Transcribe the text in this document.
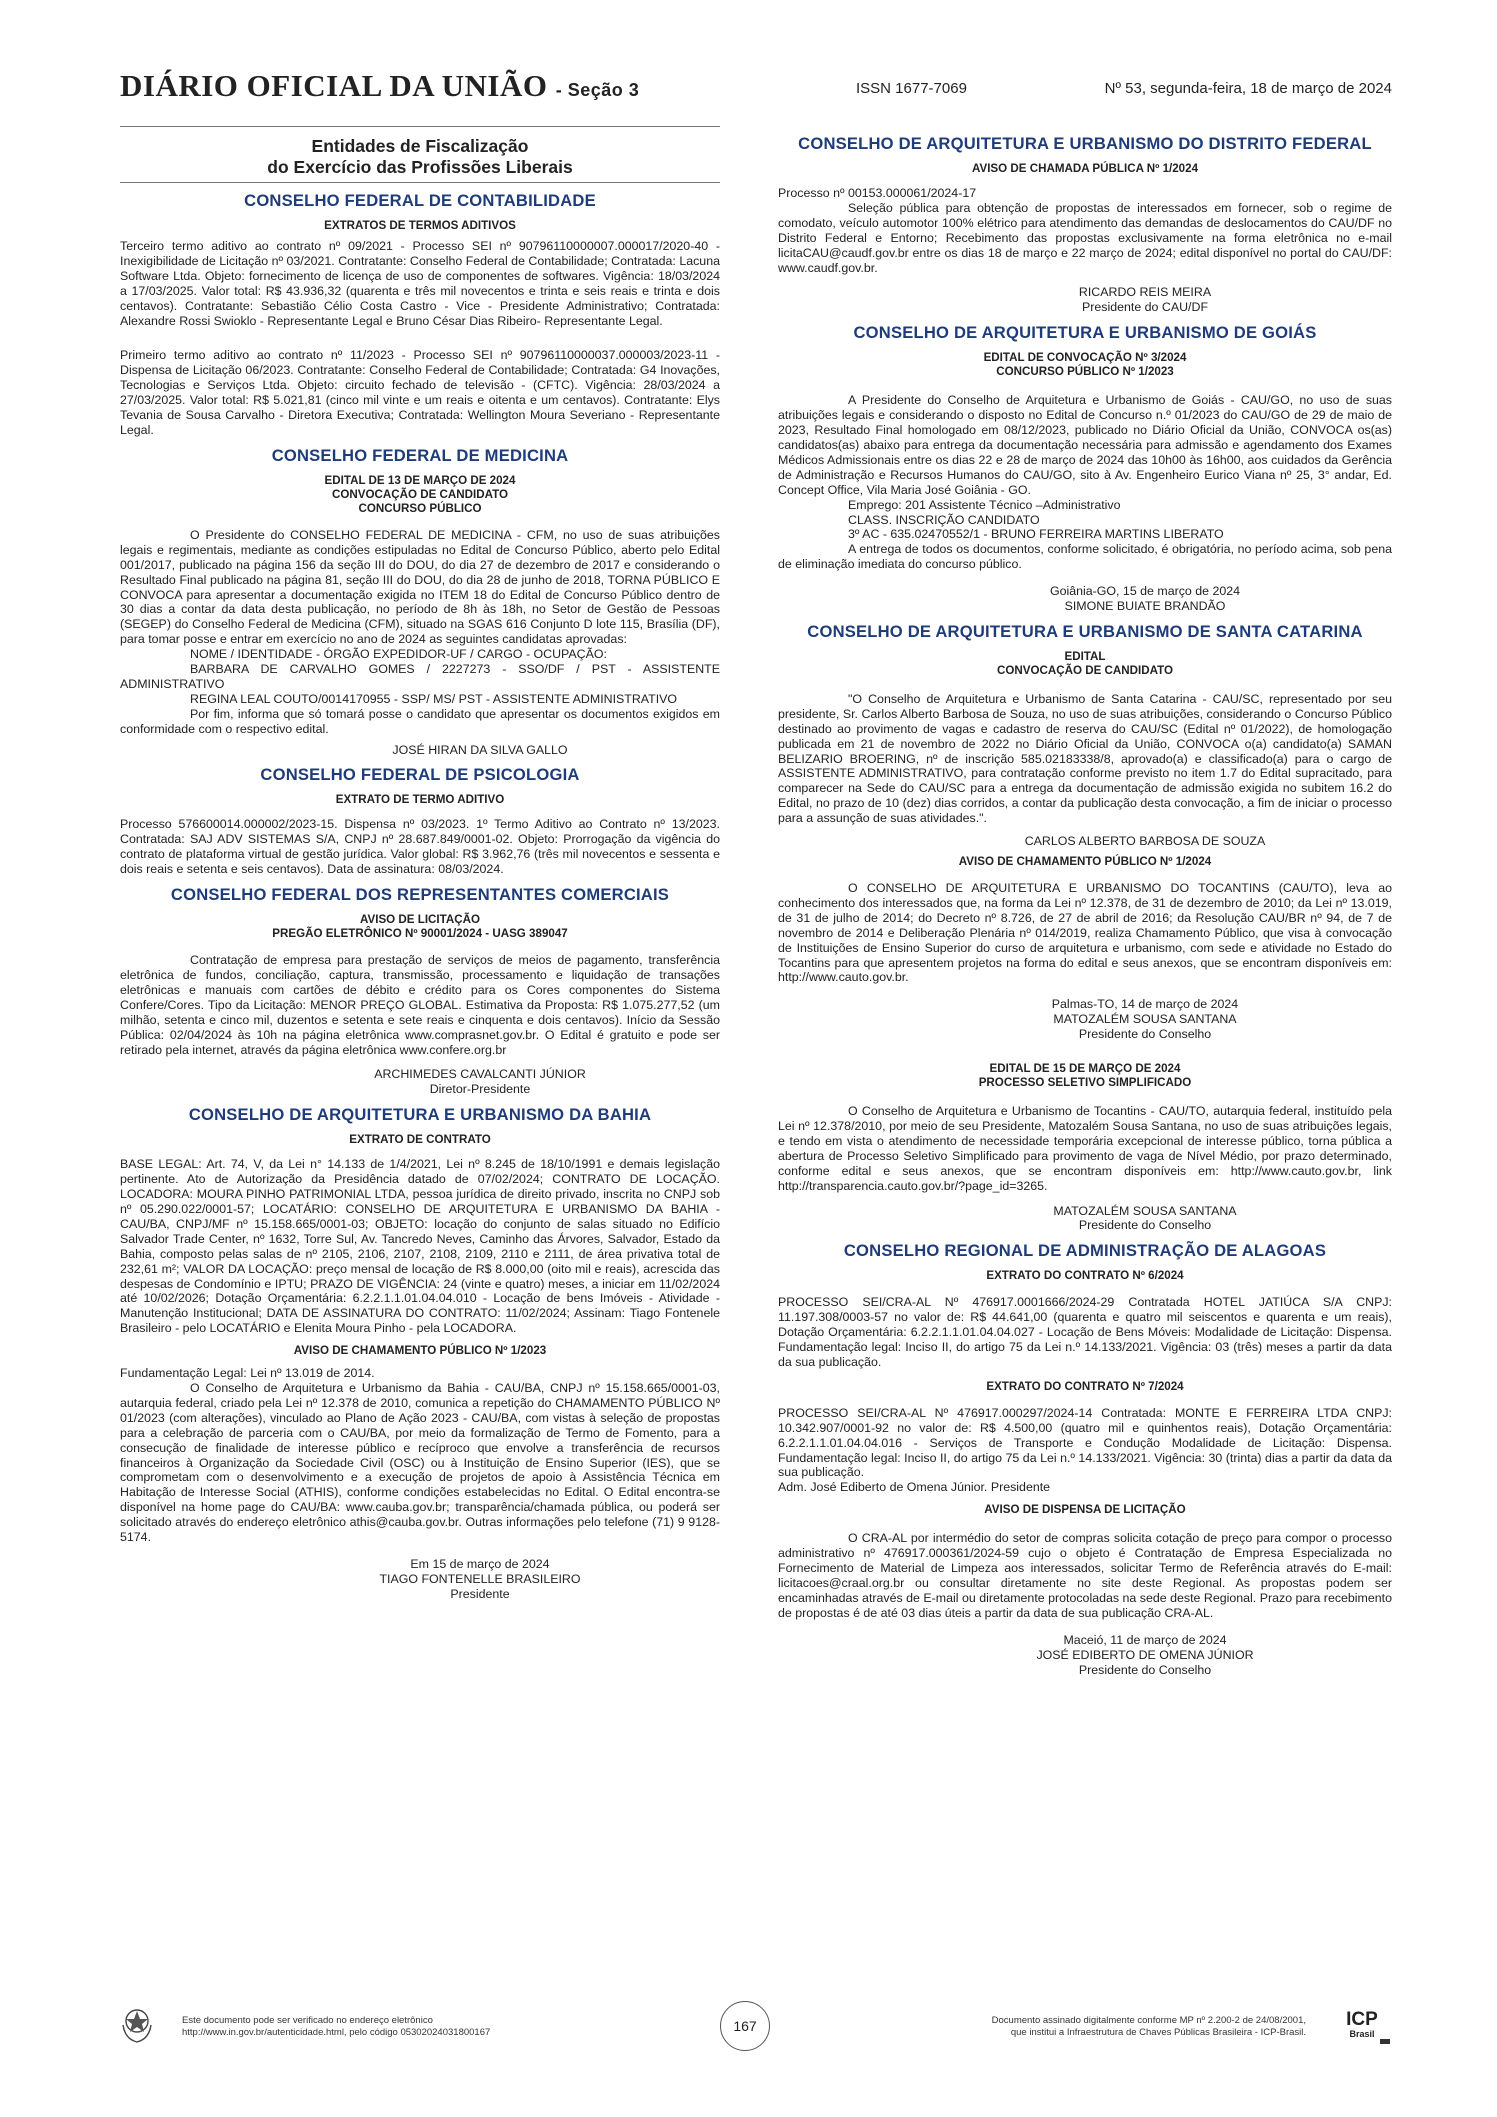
DIÁRIO OFICIAL DA UNIÃO - Seção 3	ISSN 1677-7069	Nº 53, segunda-feira, 18 de março de 2024
Entidades de Fiscalização
do Exercício das Profissões Liberais
CONSELHO FEDERAL DE CONTABILIDADE
EXTRATOS DE TERMOS ADITIVOS

Terceiro termo aditivo ao contrato nº 09/2021 - Processo SEI nº 90796110000007.000017/2020-40 - Inexigibilidade de Licitação nº 03/2021. Contratante: Conselho Federal de Contabilidade; Contratada: Lacuna Software Ltda. Objeto: fornecimento de licença de uso de componentes de softwares. Vigência: 18/03/2024 a 17/03/2025. Valor total: R$ 43.936,32 (quarenta e três mil novecentos e trinta e seis reais e trinta e dois centavos). Contratante: Sebastião Célio Costa Castro - Vice - Presidente Administrativo; Contratada: Alexandre Rossi Swioklo - Representante Legal e Bruno César Dias Ribeiro- Representante Legal.

Primeiro termo aditivo ao contrato nº 11/2023 - Processo SEI nº 90796110000037.000003/2023-11 - Dispensa de Licitação 06/2023. Contratante: Conselho Federal de Contabilidade; Contratada: G4 Inovações, Tecnologias e Serviços Ltda. Objeto: circuito fechado de televisão - (CFTC). Vigência: 28/03/2024 a 27/03/2025. Valor total: R$ 5.021,81 (cinco mil vinte e um reais e oitenta e um centavos). Contratante: Elys Tevania de Sousa Carvalho - Diretora Executiva; Contratada: Wellington Moura Severiano - Representante Legal.

CONSELHO FEDERAL DE MEDICINA
EDITAL DE 13 DE MARÇO DE 2024
CONVOCAÇÃO DE CANDIDATO
CONCURSO PÚBLICO

O Presidente do CONSELHO FEDERAL DE MEDICINA - CFM, no uso de suas atribuições legais e regimentais, mediante as condições estipuladas no Edital de Concurso Público, aberto pelo Edital 001/2017, publicado na página 156 da seção III do DOU, do dia 27 de dezembro de 2017 e considerando o Resultado Final publicado na página 81, seção III do DOU, do dia 28 de junho de 2018, TORNA PÚBLICO E CONVOCA para apresentar a documentação exigida no ITEM 18 do Edital de Concurso Público dentro de 30 dias a contar da data desta publicação, no período de 8h às 18h, no Setor de Gestão de Pessoas (SEGEP) do Conselho Federal de Medicina (CFM), situado na SGAS 616 Conjunto D lote 115, Brasília (DF), para tomar posse e entrar em exercício no ano de 2024 as seguintes candidatas aprovadas:

NOME / IDENTIDADE - ÓRGÃO EXPEDIDOR-UF / CARGO - OCUPAÇÃO:

BARBARA DE CARVALHO GOMES / 2227273 - SSO/DF / PST - ASSISTENTE ADMINISTRATIVO

REGINA LEAL COUTO/0014170955 - SSP/ MS/ PST - ASSISTENTE ADMINISTRATIVO

Por fim, informa que só tomará posse o candidato que apresentar os documentos exigidos em conformidade com o respectivo edital.

JOSÉ HIRAN DA SILVA GALLO
CONSELHO FEDERAL DE PSICOLOGIA
EXTRATO DE TERMO ADITIVO

Processo 576600014.000002/2023-15. Dispensa nº 03/2023. 1º Termo Aditivo ao Contrato nº 13/2023. Contratada: SAJ ADV SISTEMAS S/A, CNPJ nº 28.687.849/0001-02. Objeto: Prorrogação da vigência do contrato de plataforma virtual de gestão jurídica. Valor global: R$ 3.962,76 (três mil novecentos e sessenta e dois reais e setenta e seis centavos). Data de assinatura: 08/03/2024.

CONSELHO FEDERAL DOS REPRESENTANTES COMERCIAIS
AVISO DE LICITAÇÃO
PREGÃO ELETRÔNICO Nº 90001/2024 - UASG 389047

Contratação de empresa para prestação de serviços de meios de pagamento, transferência eletrônica de fundos, conciliação, captura, transmissão, processamento e liquidação de transações eletrônicas e manuais com cartões de débito e crédito para os Cores componentes do Sistema Confere/Cores. Tipo da Licitação: MENOR PREÇO GLOBAL. Estimativa da Proposta: R$ 1.075.277,52 (um milhão, setenta e cinco mil, duzentos e setenta e sete reais e cinquenta e dois centavos). Início da Sessão Pública: 02/04/2024 às 10h na página eletrônica www.comprasnet.gov.br. O Edital é gratuito e pode ser retirado pela internet, através da página eletrônica www.confere.org.br

ARCHIMEDES CAVALCANTI JÚNIOR
Diretor-Presidente
CONSELHO DE ARQUITETURA E URBANISMO DA BAHIA
EXTRATO DE CONTRATO

BASE LEGAL: Art. 74, V, da Lei n° 14.133 de 1/4/2021, Lei nº 8.245 de 18/10/1991 e demais legislação pertinente. Ato de Autorização da Presidência datado de 07/02/2024; CONTRATO DE LOCAÇÃO. LOCADORA: MOURA PINHO PATRIMONIAL LTDA, pessoa jurídica de direito privado, inscrita no CNPJ sob nº 05.290.022/0001-57; LOCATÁRIO: CONSELHO DE ARQUITETURA E URBANISMO DA BAHIA - CAU/BA, CNPJ/MF nº 15.158.665/0001-03; OBJETO: locação do conjunto de salas situado no Edifício Salvador Trade Center, nº 1632, Torre Sul, Av. Tancredo Neves, Caminho das Árvores, Salvador, Estado da Bahia, composto pelas salas de nº 2105, 2106, 2107, 2108, 2109, 2110 e 2111, de área privativa total de 232,61 m²; VALOR DA LOCAÇÃO: preço mensal de locação de R$ 8.000,00 (oito mil e reais), acrescida das despesas de Condomínio e IPTU; PRAZO DE VIGÊNCIA: 24 (vinte e quatro) meses, a iniciar em 11/02/2024 até 10/02/2026; Dotação Orçamentária: 6.2.2.1.1.01.04.04.010 - Locação de bens Imóveis - Atividade - Manutenção Institucional; DATA DE ASSINATURA DO CONTRATO: 11/02/2024; Assinam: Tiago Fontenele Brasileiro - pelo LOCATÁRIO e Elenita Moura Pinho - pela LOCADORA.

AVISO DE CHAMAMENTO PÚBLICO Nº 1/2023

Fundamentação Legal: Lei nº 13.019 de 2014.

O Conselho de Arquitetura e Urbanismo da Bahia - CAU/BA, CNPJ nº 15.158.665/0001-03, autarquia federal, criado pela Lei nº 12.378 de 2010, comunica a repetição do CHAMAMENTO PÚBLICO Nº 01/2023 (com alterações), vinculado ao Plano de Ação 2023 - CAU/BA, com vistas à seleção de propostas para a celebração de parceria com o CAU/BA, por meio da formalização de Termo de Fomento, para a consecução de finalidade de interesse público e recíproco que envolve a transferência de recursos financeiros à Organização da Sociedade Civil (OSC) ou à Instituição de Ensino Superior (IES), que se comprometam com o desenvolvimento e a execução de projetos de apoio à Assistência Técnica em Habitação de Interesse Social (ATHIS), conforme condições estabelecidas no Edital. O Edital encontra-se disponível na home page do CAU/BA: www.cauba.gov.br; transparência/chamada pública, ou poderá ser solicitado através do endereço eletrônico athis@cauba.gov.br. Outras informações pelo telefone (71) 9 9128-5174.

Em 15 de março de 2024
TIAGO FONTENELLE BRASILEIRO
Presidente
CONSELHO DE ARQUITETURA E URBANISMO DO DISTRITO FEDERAL
AVISO DE CHAMADA PÚBLICA Nº 1/2024

Processo nº 00153.000061/2024-17

Seleção pública para obtenção de propostas de interessados em fornecer, sob o regime de comodato, veículo automotor 100% elétrico para atendimento das demandas de deslocamentos do CAU/DF no Distrito Federal e Entorno; Recebimento das propostas exclusivamente na forma eletrônica no e-mail licitaCAU@caudf.gov.br entre os dias 18 de março e 22 março de 2024; edital disponível no portal do CAU/DF: www.caudf.gov.br.

RICARDO REIS MEIRA
Presidente do CAU/DF
CONSELHO DE ARQUITETURA E URBANISMO DE GOIÁS
EDITAL DE CONVOCAÇÃO Nº 3/2024
CONCURSO PÚBLICO Nº 1/2023

A Presidente do Conselho de Arquitetura e Urbanismo de Goiás - CAU/GO, no uso de suas atribuições legais e considerando o disposto no Edital de Concurso n.º 01/2023 do CAU/GO de 29 de maio de 2023, Resultado Final homologado em 08/12/2023, publicado no Diário Oficial da União, CONVOCA os(as) candidatos(as) abaixo para entrega da documentação necessária para admissão e agendamento dos Exames Médicos Admissionais entre os dias 22 e 28 de março de 2024 das 10h00 às 16h00, aos cuidados da Gerência de Administração e Recursos Humanos do CAU/GO, sito à Av. Engenheiro Eurico Viana nº 25, 3° andar, Ed. Concept Office, Vila Maria José Goiânia - GO.

Emprego: 201 Assistente Técnico –Administrativo

CLASS. INSCRIÇÃO CANDIDATO

3º AC - 635.02470552/1 - BRUNO FERREIRA MARTINS LIBERATO

A entrega de todos os documentos, conforme solicitado, é obrigatória, no período acima, sob pena de eliminação imediata do concurso público.

Goiânia-GO, 15 de março de 2024
SIMONE BUIATE BRANDÃO
CONSELHO DE ARQUITETURA E URBANISMO DE SANTA CATARINA
EDITAL
CONVOCAÇÃO DE CANDIDATO

"O Conselho de Arquitetura e Urbanismo de Santa Catarina - CAU/SC, representado por seu presidente, Sr. Carlos Alberto Barbosa de Souza, no uso de suas atribuições, considerando o Concurso Público destinado ao provimento de vagas e cadastro de reserva do CAU/SC (Edital nº 01/2022), de homologação publicada em 21 de novembro de 2022 no Diário Oficial da União, CONVOCA o(a) candidato(a) SAMAN BELIZARIO BROERING, nº de inscrição 585.02183338/8, aprovado(a) e classificado(a) para o cargo de ASSISTENTE ADMINISTRATIVO, para contratação conforme previsto no item 1.7 do Edital supracitado, para comparecer na Sede do CAU/SC para a entrega da documentação de admissão exigida no subitem 16.2 do Edital, no prazo de 10 (dez) dias corridos, a contar da publicação desta convocação, a fim de iniciar o processo para a assunção de suas atividades.".

CARLOS ALBERTO BARBOSA DE SOUZA
AVISO DE CHAMAMENTO PÚBLICO Nº 1/2024

O CONSELHO DE ARQUITETURA E URBANISMO DO TOCANTINS (CAU/TO), leva ao conhecimento dos interessados que, na forma da Lei nº 12.378, de 31 de dezembro de 2010; da Lei nº 13.019, de 31 de julho de 2014; do Decreto nº 8.726, de 27 de abril de 2016; da Resolução CAU/BR nº 94, de 7 de novembro de 2014 e Deliberação Plenária nº 014/2019, realiza Chamamento Público, que visa à convocação de Instituições de Ensino Superior do curso de arquitetura e urbanismo, com sede e atividade no Estado do Tocantins para que apresentem projetos na forma do edital e seus anexos, que se encontram disponíveis em: http://www.cauto.gov.br.

Palmas-TO, 14 de março de 2024
MATOZALÉM SOUSA SANTANA
Presidente do Conselho
EDITAL DE 15 DE MARÇO DE 2024
PROCESSO SELETIVO SIMPLIFICADO

O Conselho de Arquitetura e Urbanismo de Tocantins - CAU/TO, autarquia federal, instituído pela Lei nº 12.378/2010, por meio de seu Presidente, Matozalém Sousa Santana, no uso de suas atribuições legais, e tendo em vista o atendimento de necessidade temporária excepcional de interesse público, torna pública a abertura de Processo Seletivo Simplificado para provimento de vaga de Nível Médio, por prazo determinado, conforme edital e seus anexos, que se encontram disponíveis em: http://www.cauto.gov.br, link http://transparencia.cauto.gov.br/?page_id=3265.

MATOZALÉM SOUSA SANTANA
Presidente do Conselho
CONSELHO REGIONAL DE ADMINISTRAÇÃO DE ALAGOAS
EXTRATO DO CONTRATO Nº 6/2024

PROCESSO SEI/CRA-AL Nº 476917.0001666/2024-29 Contratada HOTEL JATIÚCA S/A CNPJ: 11.197.308/0003-57 no valor de: R$ 44.641,00 (quarenta e quatro mil seiscentos e quarenta e um reais), Dotação Orçamentária: 6.2.2.1.1.01.04.04.027 - Locação de Bens Móveis: Modalidade de Licitação: Dispensa. Fundamentação legal: Inciso II, do artigo 75 da Lei n.º 14.133/2021. Vigência: 03 (três) meses a partir da data da sua publicação.

EXTRATO DO CONTRATO Nº 7/2024

PROCESSO SEI/CRA-AL Nº 476917.000297/2024-14 Contratada: MONTE E FERREIRA LTDA CNPJ: 10.342.907/0001-92 no valor de: R$ 4.500,00 (quatro mil e quinhentos reais), Dotação Orçamentária: 6.2.2.1.1.01.04.04.016 - Serviços de Transporte e Condução Modalidade de Licitação: Dispensa. Fundamentação legal: Inciso II, do artigo 75 da Lei n.º 14.133/2021. Vigência: 30 (trinta) dias a partir da data da sua publicação.

Adm. José Ediberto de Omena Júnior. Presidente

AVISO DE DISPENSA DE LICITAÇÃO

O CRA-AL por intermédio do setor de compras solicita cotação de preço para compor o processo administrativo nº 476917.000361/2024-59 cujo o objeto é Contratação de Empresa Especializada no Fornecimento de Material de Limpeza aos interessados, solicitar Termo de Referência através do E-mail: licitacoes@craal.org.br ou consultar diretamente no site deste Regional. As propostas podem ser encaminhadas através de E-mail ou diretamente protocoladas na sede deste Regional. Prazo para recebimento de propostas é de até 03 dias úteis a partir da data de sua publicação CRA-AL.

Maceió, 11 de março de 2024
JOSÉ EDIBERTO DE OMENA JÚNIOR
Presidente do Conselho
Este documento pode ser verificado no endereço eletrônico
http://www.in.gov.br/autenticidade.html, pelo código 05302024031800167	167	Documento assinado digitalmente conforme MP nº 2.200-2 de 24/08/2001,
que institui a Infraestrutura de Chaves Públicas Brasileira - ICP-Brasil.
ICP
Brasil
